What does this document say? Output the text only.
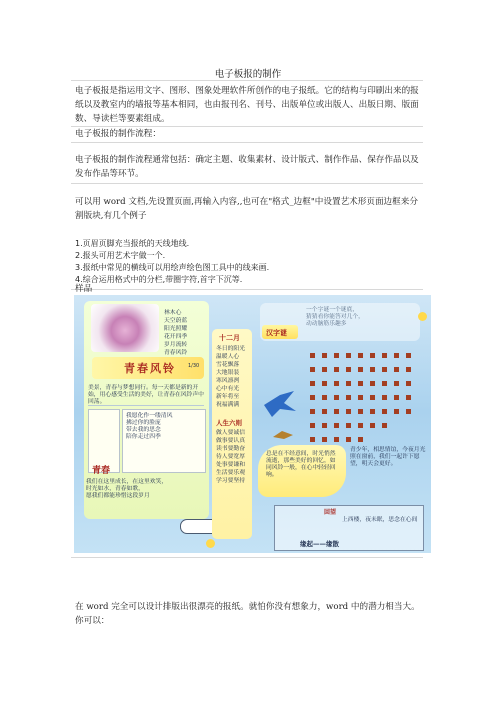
电子板报的制作
电子板报是指运用文字、图形、图象处理软件所创作的电子报纸。它的结构与印刷出来的报纸以及教室内的墙报等基本相同，也由报刊名、刊号、出版单位或出版人、出版日期、版面数、导读栏等要素组成。
电子板报的制作流程：
电子板报的制作流程通常包括：确定主题、收集素材、设计版式、制作作品、保存作品以及发布作品等环节。
可以用 word 文档,先设置页面,再输入内容,,也可在"格式_边框"中设置艺术形页面边框来分割版块,有几个例子
1.页眉页脚充当报纸的天线地线.
2.报头可用艺术字做一个.
3.报纸中常见的横线可以用绘声绘色图工具中的线来画.
4.综合运用格式中的分栏,带圈字符,首字下沉等.
样品
林木心
天空蔚蓝
阳光照耀
花开四季
岁月流转
青春风铃
青春风铃 1/30
美景，青春与梦想同行。每一天都是新的开始，用心感受生活的美好，让青春在风铃声中回荡。
我愿化作一缕清风
拂过你的脸庞
带去我的思念
陪你走过四季
青春
我们在这里成长，在这里欢笑，
时光如水，青春如歌，
愿我们都能珍惜这段岁月
十二月
冬日的阳光
温暖人心
雪花飘落
大地银装
寒风凛冽
心中有光
新年将至
祝福满满
人生六则
做人要诚信
做事要认真
读书要勤奋
待人要宽厚
处事要谦和
生活要乐观
学习要坚持
汉字谜
一个字谜一个谜底，
猜猜看你能答对几个，
动动脑筋乐趣多
总是在不经意间，时光悄然流逝，那些美好的回忆，如同风铃一般，在心中轻轻回响。
青少年，相思情谊，今夜月光照在窗前，我们一起许下愿望，明天会更好。
回望
上西楼，夜未眠，思念在心间
缘起——缘散
在 word 完全可以设计排版出很漂亮的报纸。就怕你没有想象力，word 中的潜力相当大。你可以：
